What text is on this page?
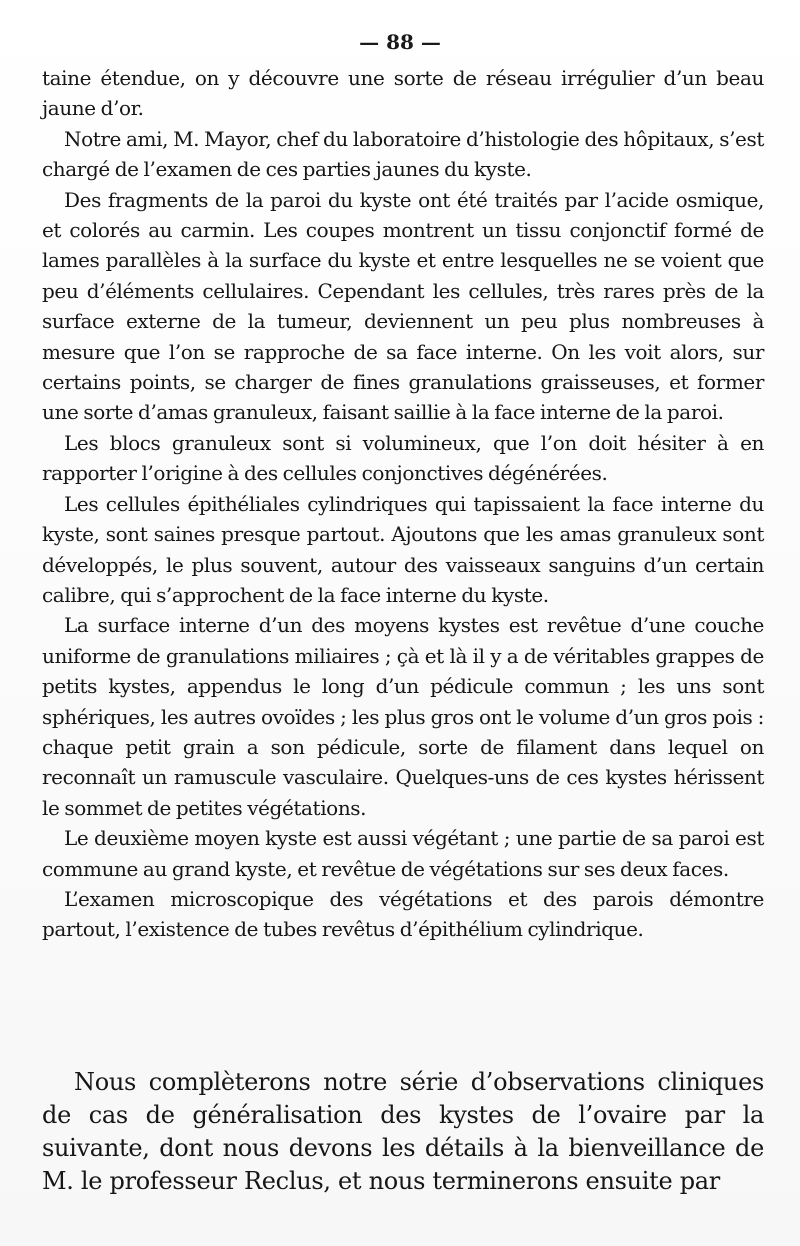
— 88 —

taine étendue, on y découvre une sorte de réseau irrégulier d’un beau jaune d’or.

Notre ami, M. Mayor, chef du laboratoire d’histologie des hôpitaux, s’est chargé de l’examen de ces parties jaunes du kyste.

Des fragments de la paroi du kyste ont été traités par l’acide osmique, et colorés au carmin. Les coupes montrent un tissu conjonctif formé de lames parallèles à la surface du kyste et entre lesquelles ne se voient que peu d’éléments cellulaires. Cependant les cellules, très rares près de la surface externe de la tumeur, deviennent un peu plus nombreuses à mesure que l’on se rapproche de sa face interne. On les voit alors, sur certains points, se charger de fines granulations graisseuses, et former une sorte d’amas granuleux, faisant saillie à la face interne de la paroi.

Les blocs granuleux sont si volumineux, que l’on doit hésiter à en rapporter l’origine à des cellules conjonctives dégénérées.

Les cellules épithéliales cylindriques qui tapissaient la face interne du kyste, sont saines presque partout. Ajoutons que les amas granuleux sont développés, le plus souvent, autour des vaisseaux sanguins d’un certain calibre, qui s’approchent de la face interne du kyste.

La surface interne d’un des moyens kystes est revêtue d’une couche uniforme de granulations miliaires ; çà et là il y a de véritables grappes de petits kystes, appendus le long d’un pédicule commun ; les uns sont sphériques, les autres ovoïdes ; les plus gros ont le volume d’un gros pois : chaque petit grain a son pédicule, sorte de filament dans lequel on reconnaît un ramuscule vasculaire. Quelques-uns de ces kystes hérissent le sommet de petites végétations.

Le deuxième moyen kyste est aussi végétant ; une partie de sa paroi est commune au grand kyste, et revêtue de végétations sur ses deux faces.

L’examen microscopique des végétations et des parois démontre partout, l’existence de tubes revêtus d’épithélium cylindrique.

Nous complèterons notre série d’observations cliniques de cas de généralisation des kystes de l’ovaire par la suivante, dont nous devons les détails à la bienveillance de M. le professeur Reclus, et nous terminerons ensuite par
